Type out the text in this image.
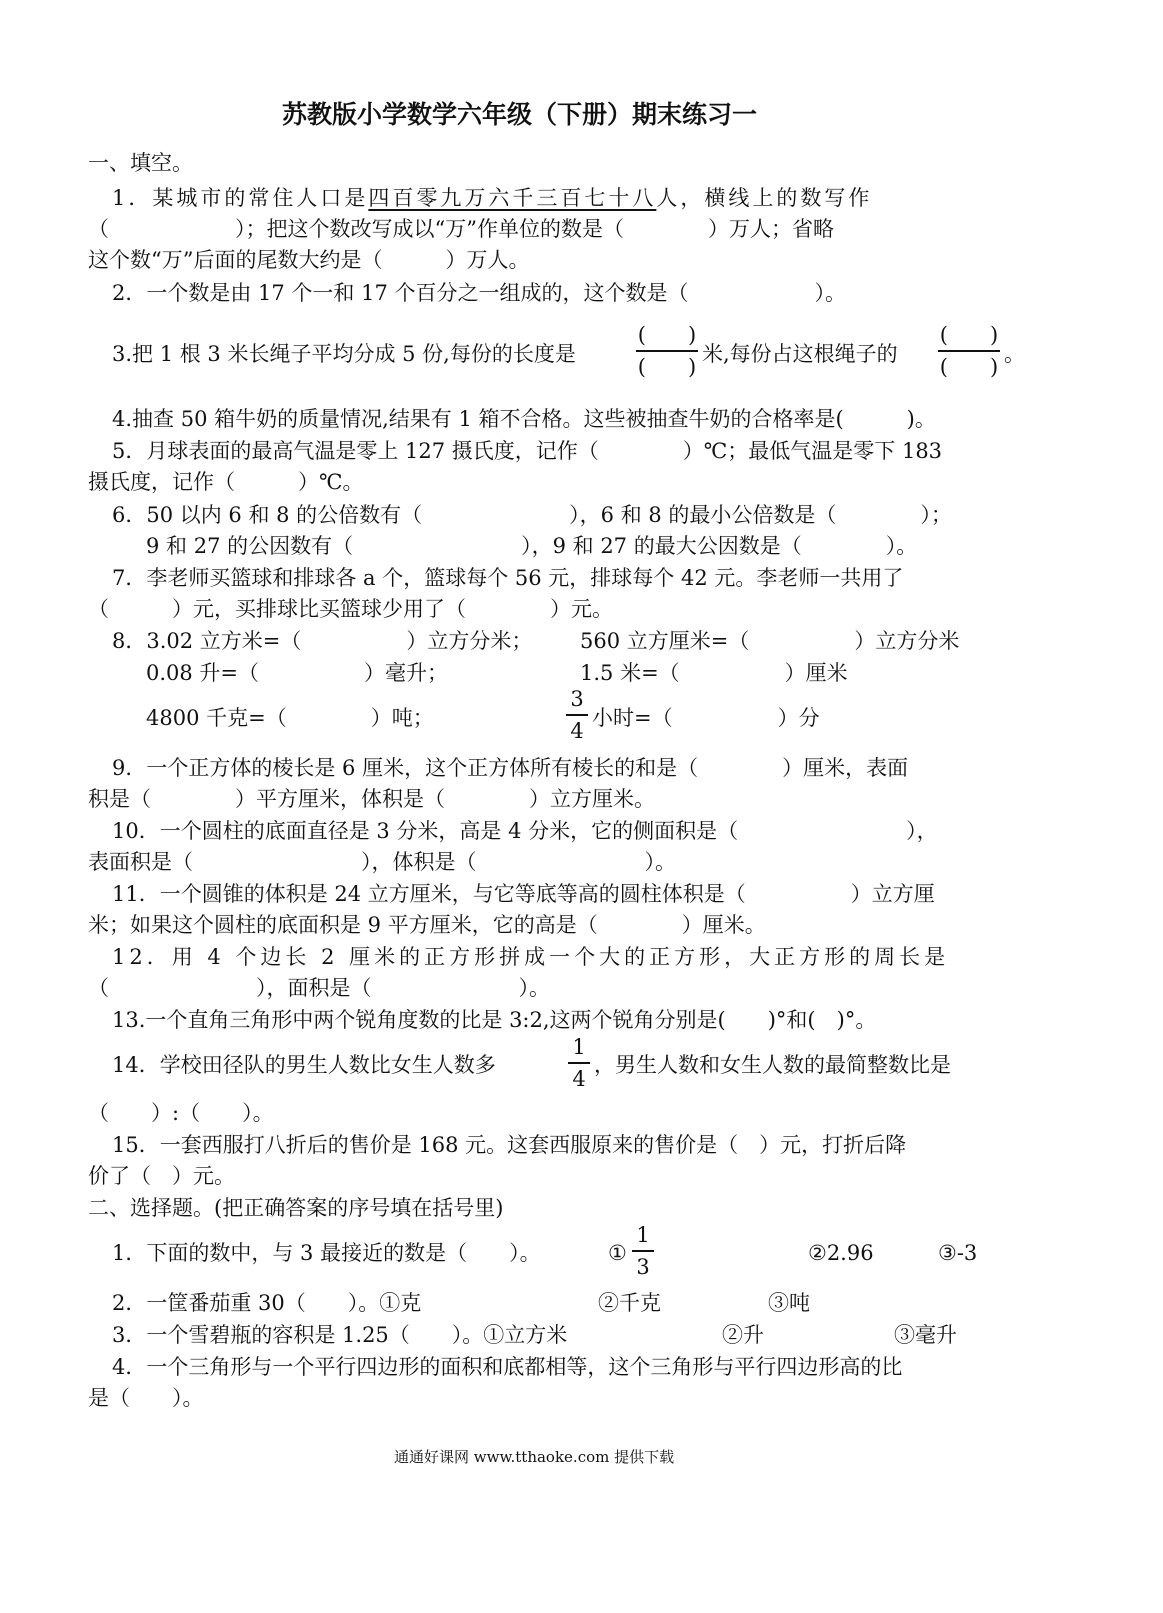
苏教版小学数学六年级（下册）期末练习一
一、填空。
1．某城市的常住人口是四百零九万六千三百七十八人，横线上的数写作
（　　　　　　）；把这个数改写成以“万”作单位的数是（　　　　）万人；省略
这个数“万”后面的尾数大约是（　　　）万人。
2．一个数是由 17 个一和 17 个百分之一组成的，这个数是（　　　　　　）。
3.把 1 根 3 米长绳子平均分成 5 份,每份的长度是
(　　)
(　　)
米,每份占这根绳子的
(　　)
(　　)
。
4.抽查 50 箱牛奶的质量情况,结果有 1 箱不合格。这些被抽查牛奶的合格率是(　　　)。
5．月球表面的最高气温是零上 127 摄氏度，记作（　　　　）℃；最低气温是零下 183
摄氏度，记作（　　　）℃。
6．50 以内 6 和 8 的公倍数有（　　　　　　　），6 和 8 的最小公倍数是（　　　　）；
9 和 27 的公因数有（　　　　　　　　），9 和 27 的最大公因数是（　　　　）。
7．李老师买篮球和排球各 a 个，篮球每个 56 元，排球每个 42 元。李老师一共用了
（　　　）元，买排球比买篮球少用了（　　　　）元。
8．3.02 立方米=（　　　　　）立方分米； 560 立方厘米=（　　　　　）立方分米
0.08 升=（　　　　　）毫升；	1.5 米=（　　　　　）厘米
4800 千克=（　　　　）吨；
3
4
小时=（　　　　　）分
9．一个正方体的棱长是 6 厘米，这个正方体所有棱长的和是（　　　　）厘米，表面
积是（　　　　）平方厘米，体积是（　　　　）立方厘米。
10．一个圆柱的底面直径是 3 分米，高是 4 分米，它的侧面积是（　　　　　　　　），
表面积是（　　　　　　　　），体积是（　　　　　　　　）。
11．一个圆锥的体积是 24 立方厘米，与它等底等高的圆柱体积是（　　　　　）立方厘
米；如果这个圆柱的底面积是 9 平方厘米，它的高是（　　　　）厘米。
12．用 4 个边长 2 厘米的正方形拼成一个大的正方形，大正方形的周长是
（　　　　　　　），面积是（　　　　　　　）。
13.一个直角三角形中两个锐角度数的比是 3:2,这两个锐角分别是(　　)°和(　)°。
14．学校田径队的男生人数比女生人数多
1
4
，男生人数和女生人数的最简整数比是
（　　）:（　　）。
15．一套西服打八折后的售价是 168 元。这套西服原来的售价是（　）元，打折后降
价了（　）元。
二、选择题。(把正确答案的序号填在括号里)
1．下面的数中，与 3 最接近的数是（　　）。	①
1
3
②2.96	③-3
2．一筐番茄重 30（　　）。①克	②千克	③吨
3．一个雪碧瓶的容积是 1.25（　　）。①立方米	②升	③毫升
4．一个三角形与一个平行四边形的面积和底都相等，这个三角形与平行四边形高的比
是（　　）。
通通好课网 www.tthaoke.com 提供下载
